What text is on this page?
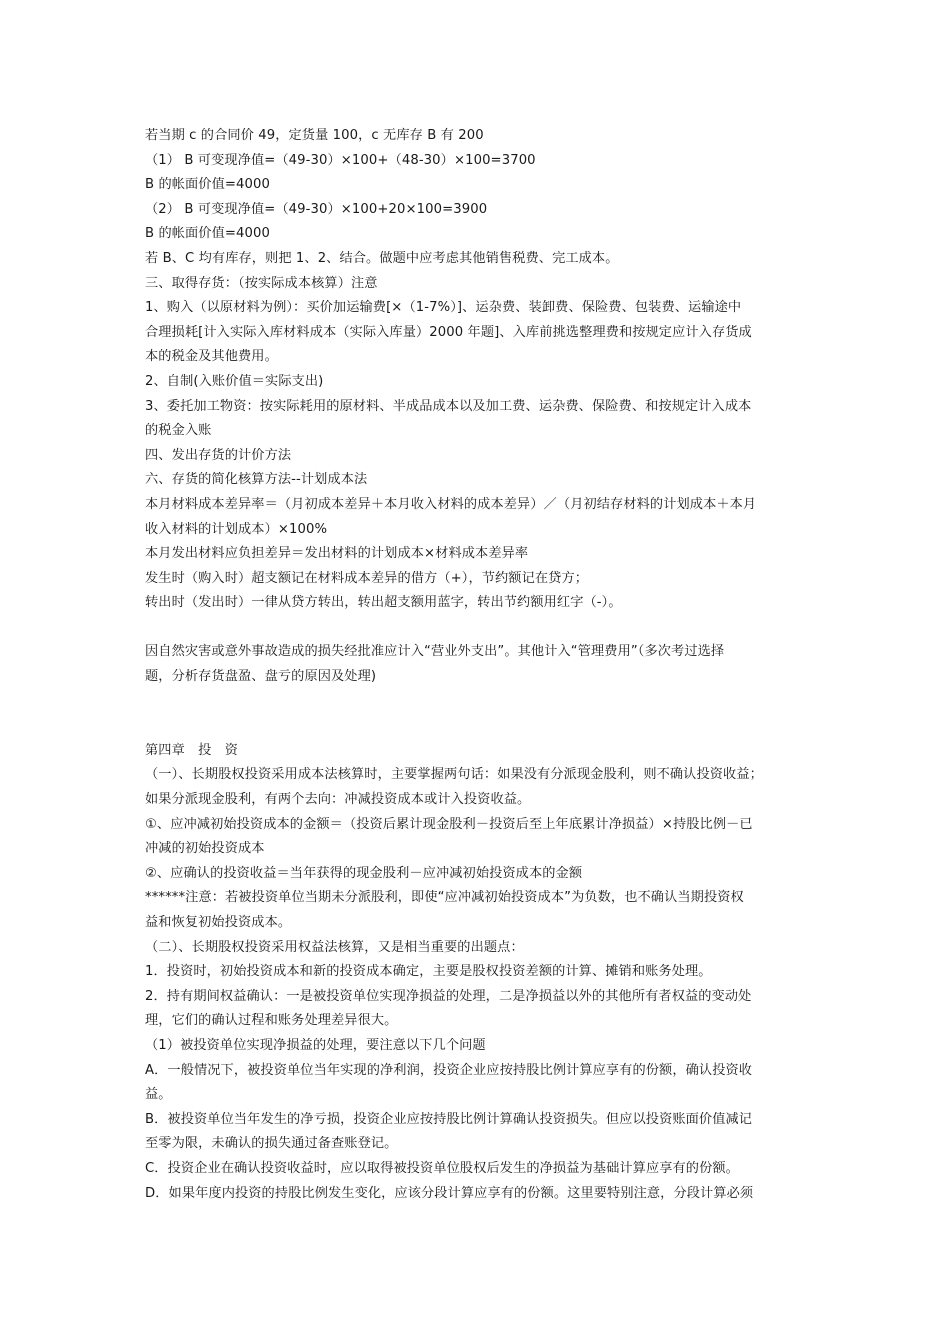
若当期 c 的合同价 49，定货量 100，c 无库存 B 有 200
（1） B 可变现净值=（49-30）×100+（48-30）×100=3700
B 的帐面价值=4000
（2） B 可变现净值=（49-30）×100+20×100=3900
B 的帐面价值=4000
若 B、C 均有库存，则把 1、2、结合。做题中应考虑其他销售税费、完工成本。
三、取得存货：（按实际成本核算）注意
1、购入（以原材料为例）：买价加运输费[×（1-7%）]、运杂费、装卸费、保险费、包装费、运输途中
合理损耗[计入实际入库材料成本（实际入库量）2000 年题]、入库前挑选整理费和按规定应计入存货成
本的税金及其他费用。
2、自制(入账价值＝实际支出)
3、委托加工物资：按实际耗用的原材料、半成品成本以及加工费、运杂费、保险费、和按规定计入成本
的税金入账
四、发出存货的计价方法
六、存货的简化核算方法--计划成本法
本月材料成本差异率＝（月初成本差异＋本月收入材料的成本差异）／（月初结存材料的计划成本＋本月
收入材料的计划成本）×100%
本月发出材料应负担差异＝发出材料的计划成本×材料成本差异率
发生时（购入时）超支额记在材料成本差异的借方（+），节约额记在贷方；
转出时（发出时）一律从贷方转出，转出超支额用蓝字，转出节约额用红字（-）。
因自然灾害或意外事故造成的损失经批准应计入“营业外支出”。其他计入“管理费用”（多次考过选择
题，分析存货盘盈、盘亏的原因及处理)
第四章　投　资
（一）、长期股权投资采用成本法核算时，主要掌握两句话：如果没有分派现金股利，则不确认投资收益；
如果分派现金股利，有两个去向：冲减投资成本或计入投资收益。
①、应冲减初始投资成本的金额＝（投资后累计现金股利－投资后至上年底累计净损益）×持股比例－已
冲减的初始投资成本
②、应确认的投资收益＝当年获得的现金股利－应冲减初始投资成本的金额
******注意：若被投资单位当期未分派股利，即使“应冲减初始投资成本”为负数，也不确认当期投资权
益和恢复初始投资成本。
（二）、长期股权投资采用权益法核算，又是相当重要的出题点：
1．投资时，初始投资成本和新的投资成本确定，主要是股权投资差额的计算、摊销和账务处理。
2．持有期间权益确认：一是被投资单位实现净损益的处理，二是净损益以外的其他所有者权益的变动处
理，它们的确认过程和账务处理差异很大。
（1）被投资单位实现净损益的处理，要注意以下几个问题
A．一般情况下，被投资单位当年实现的净利润，投资企业应按持股比例计算应享有的份额，确认投资收
益。
B．被投资单位当年发生的净亏损，投资企业应按持股比例计算确认投资损失。但应以投资账面价值减记
至零为限，未确认的损失通过备查账登记。
C．投资企业在确认投资收益时，应以取得被投资单位股权后发生的净损益为基础计算应享有的份额。
D．如果年度内投资的持股比例发生变化，应该分段计算应享有的份额。这里要特别注意，分段计算必须
